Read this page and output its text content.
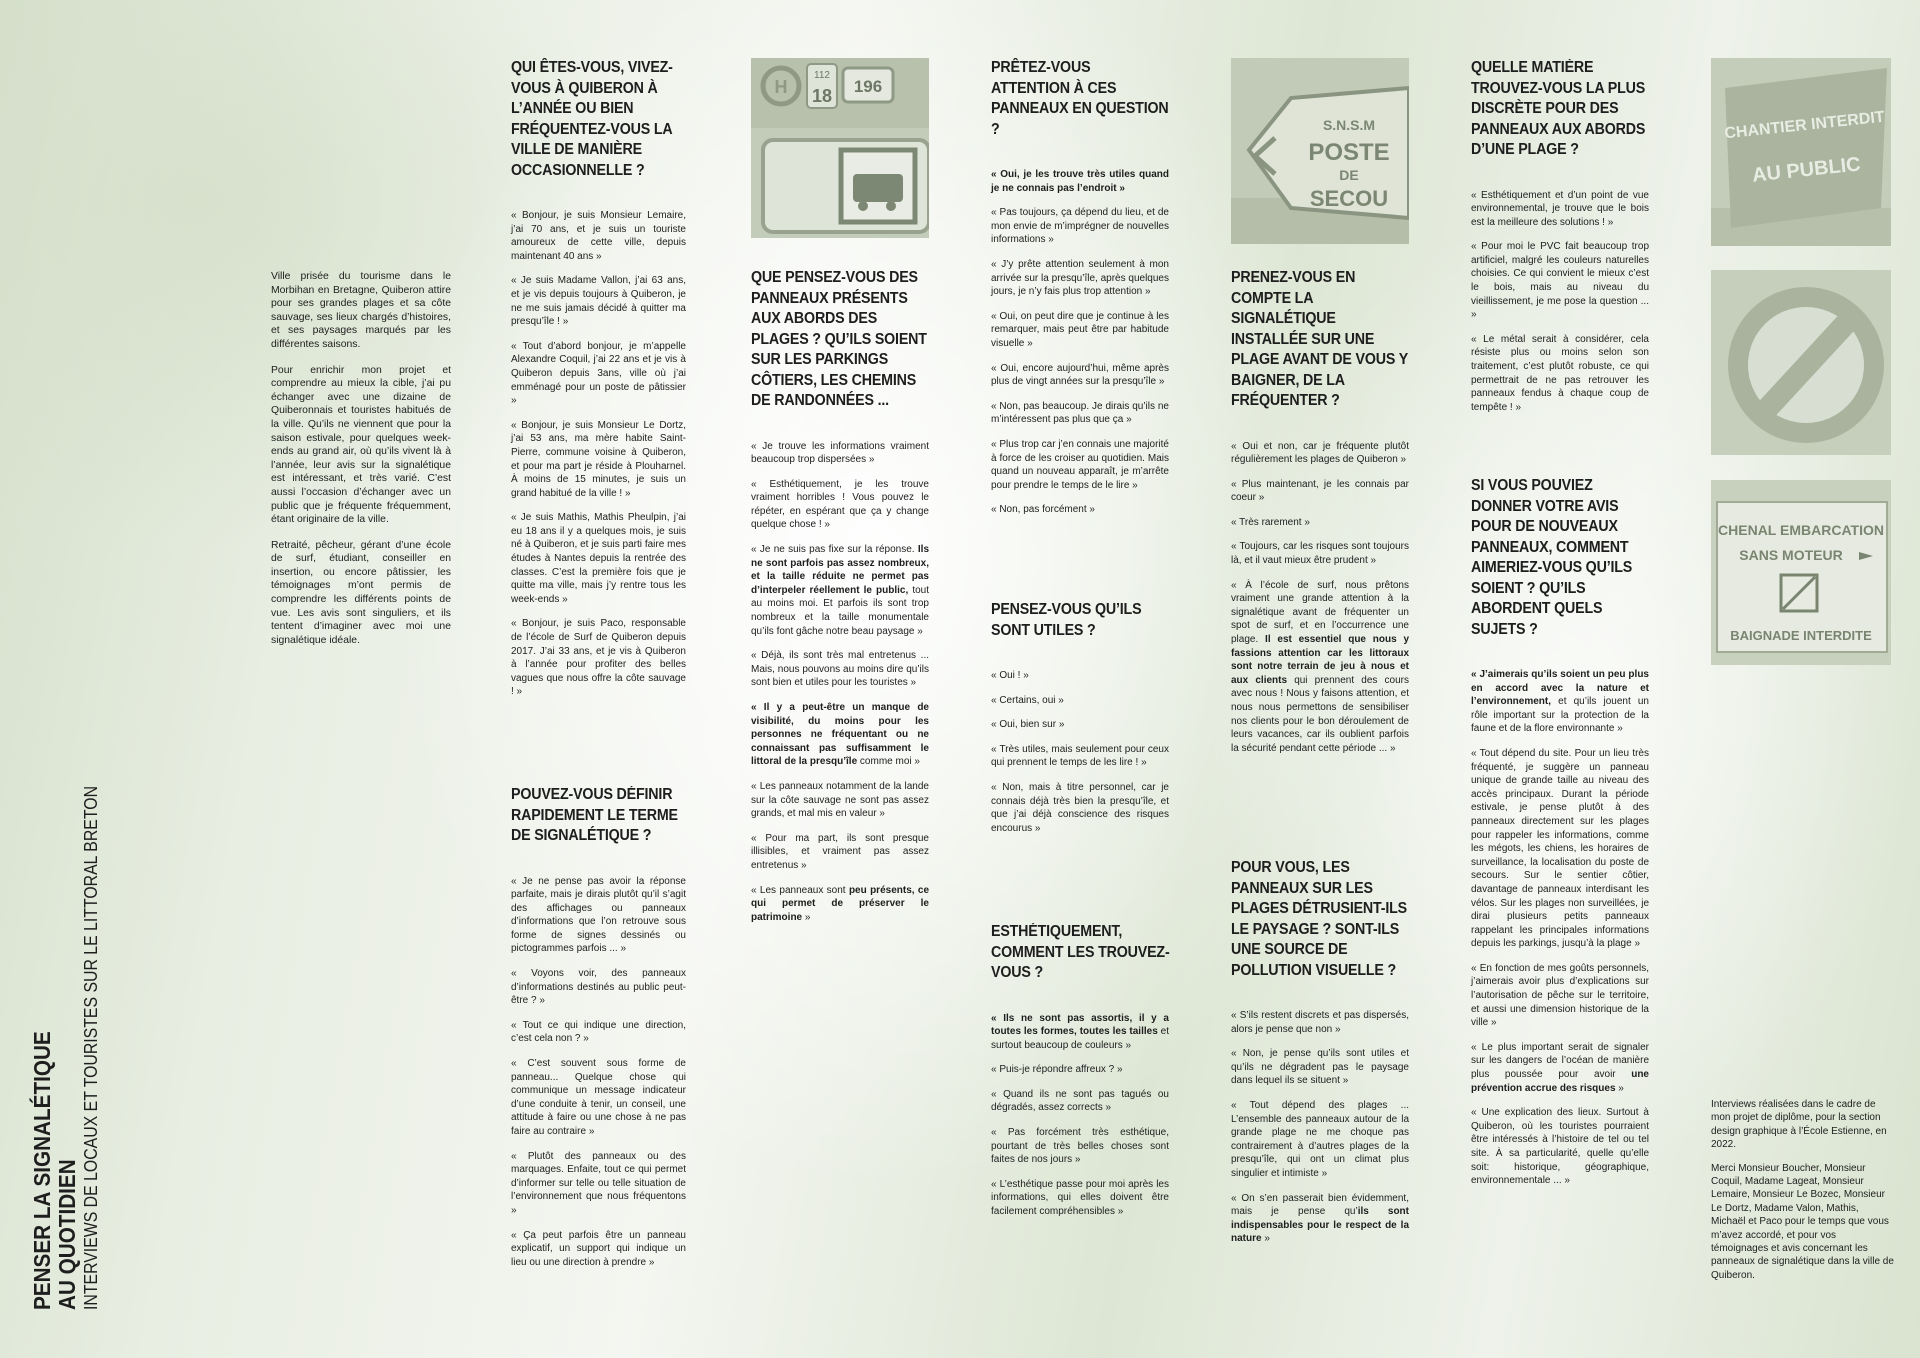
PENSER LA SIGNALÉTIQUE AU QUOTIDIEN INTERVIEWS DE LOCAUX ET TOURISTES SUR LE LITTORAL BRETON

Ville prisée du tourisme dans le Morbihan en Bretagne, Quiberon attire pour ses grandes plages et sa côte sauvage, ses lieux chargés d’histoires, et ses paysages marqués par les différentes saisons.

Pour enrichir mon projet et comprendre au mieux la cible, j’ai pu échanger avec une dizaine de Quiberonnais et touristes habitués de la ville. Qu’ils ne viennent que pour la saison estivale, pour quelques week-ends au grand air, où qu’ils vivent là à l’année, leur avis sur la signalétique est intéressant, et très varié. C’est aussi l’occasion d’échanger avec un public que je fréquente fréquemment, étant originaire de la ville.

Retraité, pêcheur, gérant d’une école de surf, étudiant, conseiller en insertion, ou encore pâtissier, les témoignages m’ont permis de comprendre les différents points de vue. Les avis sont singuliers, et ils tentent d’imaginer avec moi une signalétique idéale.

QUI ÊTES-VOUS, VIVEZ-VOUS À QUIBERON À L’ANNÉE OU BIEN FRÉQUENTEZ-VOUS LA VILLE DE MANIÈRE OCCASIONNELLE ?

« Bonjour, je suis Monsieur Lemaire, j’ai 70 ans, et je suis un touriste amoureux de cette ville, depuis maintenant 40 ans »

« Je suis Madame Vallon, j’ai 63 ans, et je vis depuis toujours à Quiberon, je ne me suis jamais décidé à quitter ma presqu’île ! »

« Tout d’abord bonjour, je m’appelle Alexandre Coquil, j’ai 22 ans et je vis à Quiberon depuis 3ans, ville où j’ai emménagé pour un poste de pâtissier »

« Bonjour, je suis Monsieur Le Dortz, j’ai 53 ans, ma mère habite Saint-Pierre, commune voisine à Quiberon, et pour ma part je réside à Plouharnel. À moins de 15 minutes, je suis un grand habitué de la ville ! »

« Je suis Mathis, Mathis Pheulpin, j’ai eu 18 ans il y a quelques mois, je suis né à Quiberon, et je suis parti faire mes études à Nantes depuis la rentrée des classes. C’est la première fois que je quitte ma ville, mais j’y rentre tous les week-ends »

« Bonjour, je suis Paco, responsable de l’école de Surf de Quiberon depuis 2017. J’ai 33 ans, et je vis à Quiberon à l’année pour profiter des belles vagues que nous offre la côte sauvage ! »

POUVEZ-VOUS DÉFINIR RAPIDEMENT LE TERME DE SIGNALÉTIQUE ?

« Je ne pense pas avoir la réponse parfaite, mais je dirais plutôt qu’il s’agit des affichages ou panneaux d’informations que l’on retrouve sous forme de signes dessinés ou pictogrammes parfois ... »

« Voyons voir, des panneaux d’informations destinés au public peut-être ? »

« Tout ce qui indique une direction, c’est cela non ? »

« C’est souvent sous forme de panneau... Quelque chose qui communique un message indicateur d’une conduite à tenir, un conseil, une attitude à faire ou une chose à ne pas faire au contraire »

« Plutôt des panneaux ou des marquages. Enfaite, tout ce qui permet d’informer sur telle ou telle situation de l’environnement que nous fréquentons »

« Ça peut parfois être un panneau explicatif, un support qui indique un lieu ou une direction à prendre »

H
112
18 196
QUE PENSEZ-VOUS DES PANNEAUX PRÉSENTS AUX ABORDS DES PLAGES ? QU’ILS SOIENT SUR LES PARKINGS CÔTIERS, LES CHEMINS DE RANDONNÉES ...

« Je trouve les informations vraiment beaucoup trop dispersées »

« Esthétiquement, je les trouve vraiment horribles ! Vous pouvez le répéter, en espérant que ça y change quelque chose ! »

« Je ne suis pas fixe sur la réponse. Ils ne sont parfois pas assez nombreux, et la taille réduite ne permet pas d’interpeler réellement le public, tout au moins moi. Et parfois ils sont trop nombreux et la taille monumentale qu’ils font gâche notre beau paysage »

« Déjà, ils sont très mal entretenus ... Mais, nous pouvons au moins dire qu’ils sont bien et utiles pour les touristes »

« Il y a peut-être un manque de visibilité, du moins pour les personnes ne fréquentant ou ne connaissant pas suffisamment le littoral de la presqu’île comme moi »

« Les panneaux notamment de la lande sur la côte sauvage ne sont pas assez grands, et mal mis en valeur »

« Pour ma part, ils sont presque illisibles, et vraiment pas assez entretenus »

« Les panneaux sont peu présents, ce qui permet de préserver le patrimoine »

PRÊTEZ-VOUS ATTENTION À CES PANNEAUX EN QUESTION ?

« Oui, je les trouve très utiles quand je ne connais pas l’endroit »

« Pas toujours, ça dépend du lieu, et de mon envie de m’imprégner de nouvelles informations »

« J’y prête attention seulement à mon arrivée sur la presqu’île, après quelques jours, je n’y fais plus trop attention »

« Oui, on peut dire que je continue à les remarquer, mais peut être par habitude visuelle »

« Oui, encore aujourd’hui, même après plus de vingt années sur la presqu’île »

« Non, pas beaucoup. Je dirais qu’ils ne m’intéressent pas plus que ça »

« Plus trop car j’en connais une majorité à force de les croiser au quotidien. Mais quand un nouveau apparaît, je m’arrête pour prendre le temps de le lire »

« Non, pas forcément »

PENSEZ-VOUS QU’ILS SONT UTILES ?

« Oui ! »

« Certains, oui »

« Oui, bien sur »

« Très utiles, mais seulement pour ceux qui prennent le temps de les lire ! »

« Non, mais à titre personnel, car je connais déjà très bien la presqu’île, et que j’ai déjà conscience des risques encourus »

ESTHÉTIQUEMENT, COMMENT LES TROUVEZ-VOUS ?

« Ils ne sont pas assortis, il y a toutes les formes, toutes les tailles et surtout beaucoup de couleurs »

« Puis-je répondre affreux ? »

« Quand ils ne sont pas tagués ou dégradés, assez corrects »

« Pas forcément très esthétique, pourtant de très belles choses sont faites de nos jours »

« L’esthétique passe pour moi après les informations, qui elles doivent être facilement compréhensibles »

S.N.S.M
POSTE
DE
SECOU
PRENEZ-VOUS EN COMPTE LA SIGNALÉTIQUE INSTALLÉE SUR UNE PLAGE AVANT DE VOUS Y BAIGNER, DE LA FRÉQUENTER ?

« Oui et non, car je fréquente plutôt régulièrement les plages de Quiberon »

« Plus maintenant, je les connais par coeur »

« Très rarement »

« Toujours, car les risques sont toujours là, et il vaut mieux être prudent »

« À l’école de surf, nous prêtons vraiment une grande attention à la signalétique avant de fréquenter un spot de surf, et en l’occurrence une plage. Il est essentiel que nous y fassions attention car les littoraux sont notre terrain de jeu à nous et aux clients qui prennent des cours avec nous ! Nous y faisons attention, et nous nous permettons de sensibiliser nos clients pour le bon déroulement de leurs vacances, car ils oublient parfois la sécurité pendant cette période ... »

POUR VOUS, LES PANNEAUX SUR LES PLAGES DÉTRUSIENT-ILS LE PAYSAGE ? SONT-ILS UNE SOURCE DE POLLUTION VISUELLE ?

« S’ils restent discrets et pas dispersés, alors je pense que non »

« Non, je pense qu’ils sont utiles et qu’ils ne dégradent pas le paysage dans lequel ils se situent »

« Tout dépend des plages ... L’ensemble des panneaux autour de la grande plage ne me choque pas contrairement à d’autres plages de la presqu’île, qui ont un climat plus singulier et intimiste »

« On s’en passerait bien évidemment, mais je pense qu’ils sont indispensables pour le respect de la nature »

QUELLE MATIÈRE TROUVEZ-VOUS LA PLUS DISCRÈTE POUR DES PANNEAUX AUX ABORDS D’UNE PLAGE ?

« Esthétiquement et d’un point de vue environnemental, je trouve que le bois est la meilleure des solutions ! »

« Pour moi le PVC fait beaucoup trop artificiel, malgré les couleurs naturelles choisies. Ce qui convient le mieux c’est le bois, mais au niveau du vieillissement, je me pose la question ... »

« Le métal serait à considérer, cela résiste plus ou moins selon son traitement, c’est plutôt robuste, ce qui permettrait de ne pas retrouver les panneaux fendus à chaque coup de tempête ! »

SI VOUS POUVIEZ DONNER VOTRE AVIS POUR DE NOUVEAUX PANNEAUX, COMMENT AIMERIEZ-VOUS QU’ILS SOIENT ? QU’ILS ABORDENT QUELS SUJETS ?

« J’aimerais qu’ils soient un peu plus en accord avec la nature et l’environnement, et qu’ils jouent un rôle important sur la protection de la faune et de la flore environnante »

« Tout dépend du site. Pour un lieu très fréquenté, je suggère un panneau unique de grande taille au niveau des accès principaux. Durant la période estivale, je pense plutôt à des panneaux directement sur les plages pour rappeler les informations, comme les mégots, les chiens, les horaires de surveillance, la localisation du poste de secours. Sur le sentier côtier, davantage de panneaux interdisant les vélos. Sur les plages non surveillées, je dirai plusieurs petits panneaux rappelant les principales informations depuis les parkings, jusqu’à la plage »

« En fonction de mes goûts personnels, j’aimerais avoir plus d’explications sur l’autorisation de pêche sur le territoire, et aussi une dimension historique de la ville »

« Le plus important serait de signaler sur les dangers de l’océan de manière plus poussée pour avoir une prévention accrue des risques »

« Une explication des lieux. Surtout à Quiberon, où les touristes pourraient être intéressés à l’histoire de tel ou tel site. À sa particularité, quelle qu’elle soit: historique, géographique, environnementale ... »

CHANTIER INTERDIT
AU PUBLIC
CHENAL EMBARCATION
SANS MOTEUR
BAIGNADE INTERDITE

Interviews réalisées dans le cadre de mon projet de diplôme, pour la section design graphique à l’École Estienne, en 2022.

Merci Monsieur Boucher, Monsieur Coquil, Madame Lageat, Monsieur Lemaire, Monsieur Le Bozec, Monsieur Le Dortz, Madame Valon, Mathis, Michaël et Paco pour le temps que vous m’avez accordé, et pour vos témoignages et avis concernant les panneaux de signalétique dans la ville de Quiberon.
